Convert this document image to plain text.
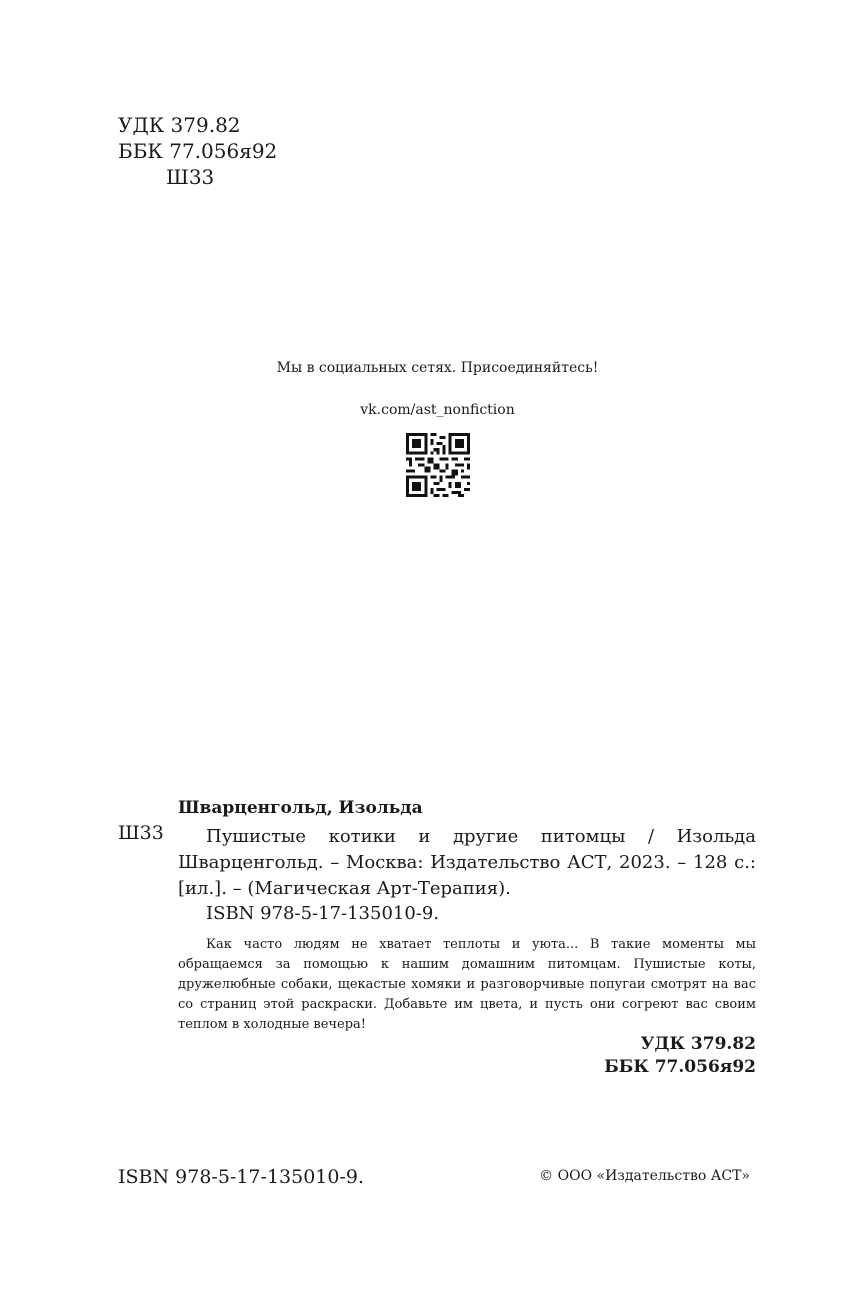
УДК 379.82
ББК 77.056я92
Ш33
Мы в социальных сетях. Присоединяйтесь!
vk.com/ast_nonfiction
Шварценгольд, Изольда
Ш33	Пушистые котики и другие питомцы / Изольда Шварценгольд. – Москва: Издательство АСТ, 2023. – 128 с.: [ил.]. – (Магическая Арт-Терапия).
ISBN 978-5-17-135010-9.
Как часто людям не хватает теплоты и уюта... В такие моменты мы обращаемся за помощью к нашим домашним питомцам. Пушистые коты, дружелюбные собаки, щекастые хомяки и разговорчивые попугаи смотрят на вас со страниц этой раскраски. Добавьте им цвета, и пусть они согреют вас своим теплом в холодные вечера!
УДК 379.82
ББК 77.056я92
ISBN 978-5-17-135010-9.	© ООО «Издательство АСТ»
